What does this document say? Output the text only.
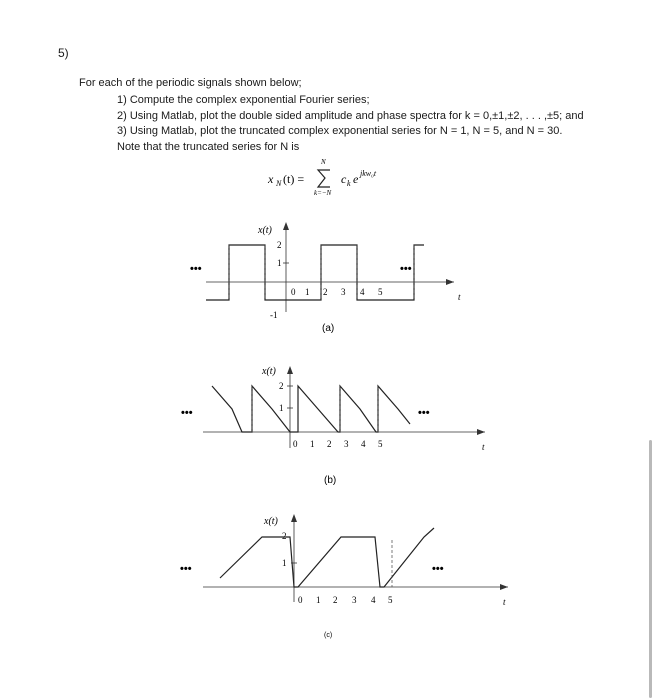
5)
For each of the periodic signals shown below;
1) Compute the complex exponential Fourier series;
2) Using Matlab, plot the double sided amplitude and phase spectra for k = 0,±1,±2, . . . ,±5; and
3) Using Matlab, plot the truncated complex exponential series for N = 1, N = 5, and N = 30.
Note that the truncated series for N is
x N (t) =
N
k=−N
c k e jkw₀t
x(t)
2
1
-1
0 1 2 3 4 5	t
•••	•••
(a)
x(t)
2
1
0 1 2 3 4 5	t
•••	•••
(b)
x(t)
2
1
0 1 2 3 4 5	t
•••	•••
(c)
